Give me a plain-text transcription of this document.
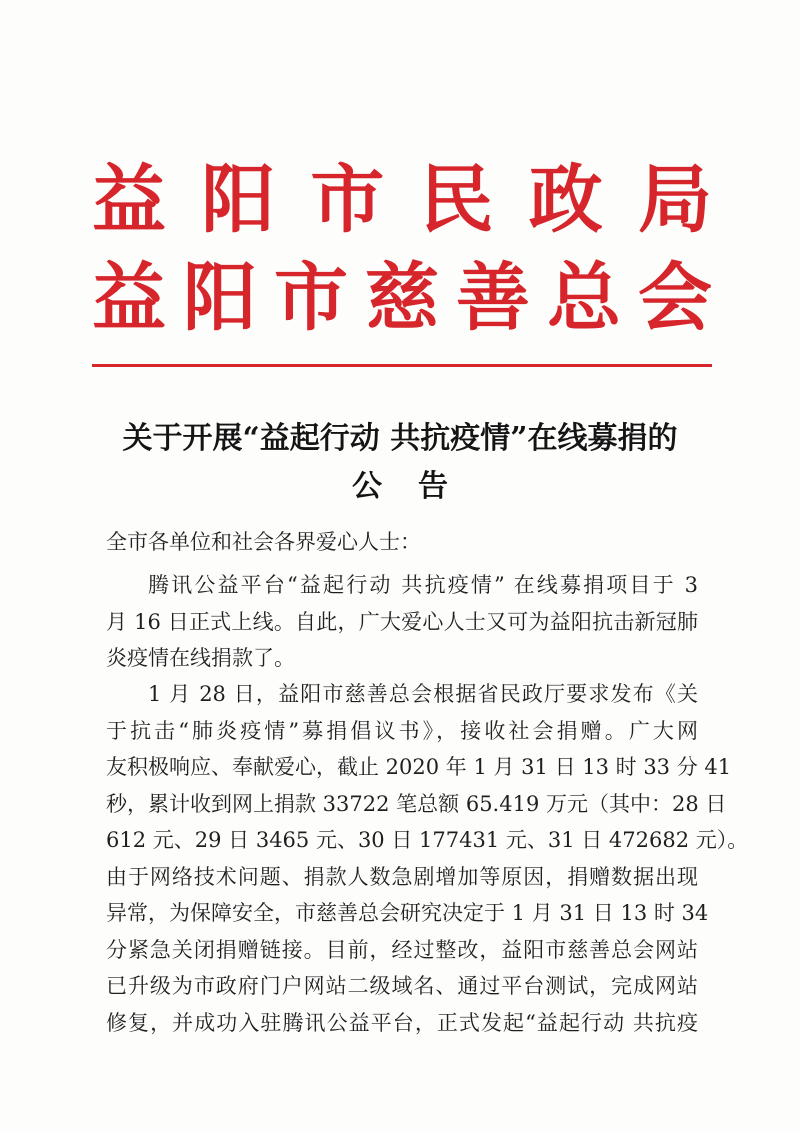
益 阳 市 民 政 局
益 阳 市 慈 善 总 会
关于开展“益起行动 共抗疫情”在线募捐的
公告
全市各单位和社会各界爱心人士：
腾讯公益平台“益起行动 共抗疫情” 在线募捐项目于 3
月 16 日正式上线。自此，广大爱心人士又可为益阳抗击新冠肺
炎疫情在线捐款了。
1 月 28 日，益阳市慈善总会根据省民政厅要求发布《关
于抗击“肺炎疫情”募捐倡议书》，接收社会捐赠。广大网
友积极响应、奉献爱心，截止 2020 年 1 月 31 日 13 时 33 分 41
秒，累计收到网上捐款 33722 笔总额 65.419 万元（其中：28 日
612 元、29 日 3465 元、30 日 177431 元、31 日 472682 元）。
由于网络技术问题、捐款人数急剧增加等原因，捐赠数据出现
异常，为保障安全，市慈善总会研究决定于 1 月 31 日 13 时 34
分紧急关闭捐赠链接。目前，经过整改，益阳市慈善总会网站
已升级为市政府门户网站二级域名、通过平台测试，完成网站
修复，并成功入驻腾讯公益平台，正式发起“益起行动 共抗疫
